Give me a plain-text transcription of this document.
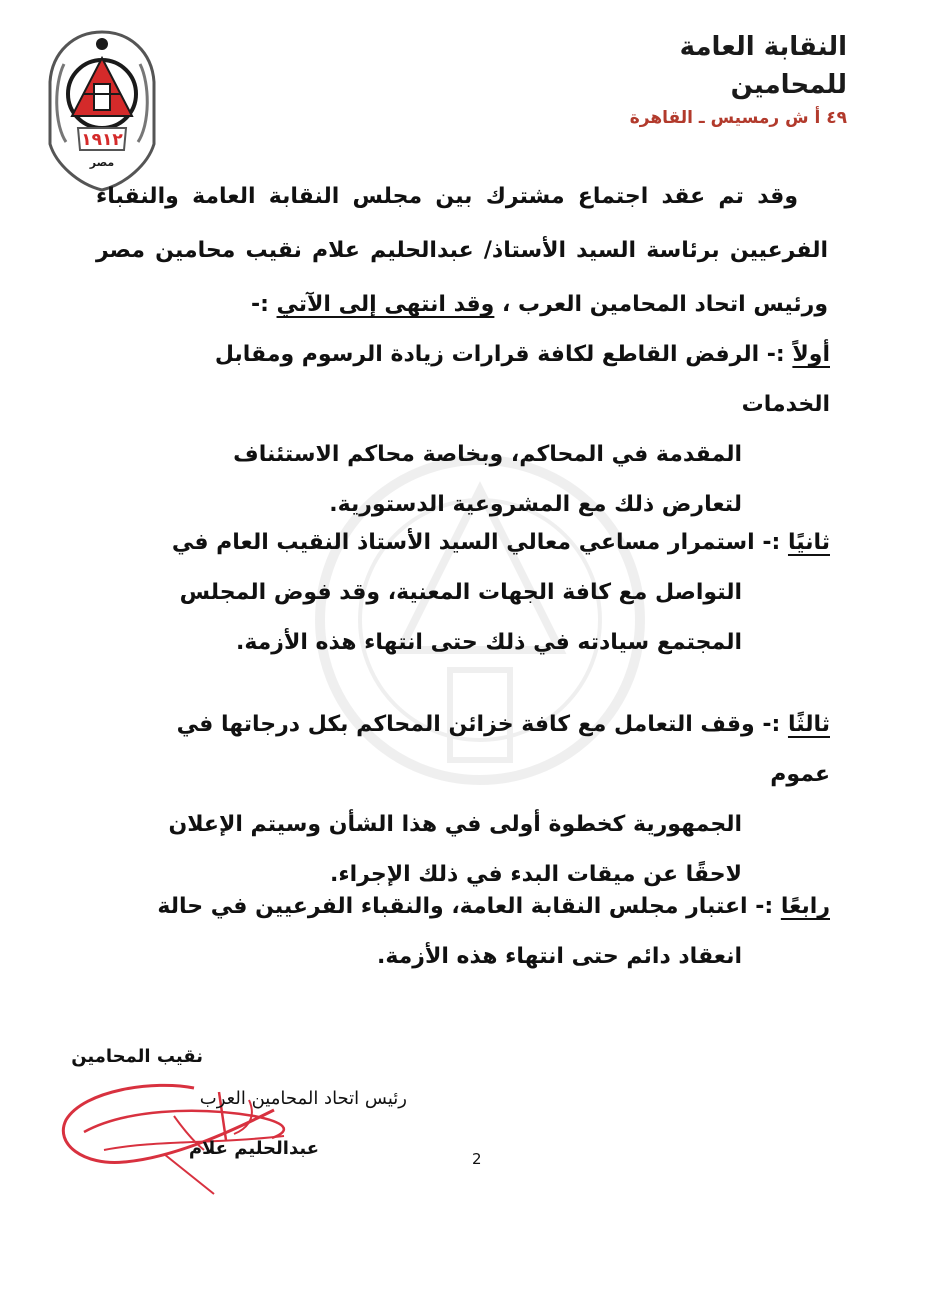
١٩١٢
مصر
النقابة العامة للمحامين
٤٩ أ ش رمسيس ـ القاهرة
وقد تم عقد اجتماع مشترك بين مجلس النقابة العامة والنقباء الفرعيين برئاسة السيد الأستاذ/ عبدالحليم علام نقيب محامين مصر ورئيس اتحاد المحامين العرب ، وقد انتهى إلى الآتي :-
أولاً :- الرفض القاطع لكافة قرارات زيادة الرسوم ومقابل الخدمات
المقدمة في المحاكم، وبخاصة محاكم الاستئناف لتعارض ذلك مع المشروعية الدستورية.
ثانيًا :- استمرار مساعي معالي السيد الأستاذ النقيب العام في
التواصل مع كافة الجهات المعنية، وقد فوض المجلس المجتمع سيادته في ذلك حتى انتهاء هذه الأزمة.
ثالثًا :- وقف التعامل مع كافة خزائن المحاكم بكل درجاتها في عموم
الجمهورية كخطوة أولى في هذا الشأن وسيتم الإعلان لاحقًا عن ميقات البدء في ذلك الإجراء.
رابعًا :- اعتبار مجلس النقابة العامة، والنقباء الفرعيين في حالة
انعقاد دائم حتى انتهاء هذه الأزمة.
نقيب المحامين
رئيس اتحاد المحامين العرب
عبدالحليم علام	2
